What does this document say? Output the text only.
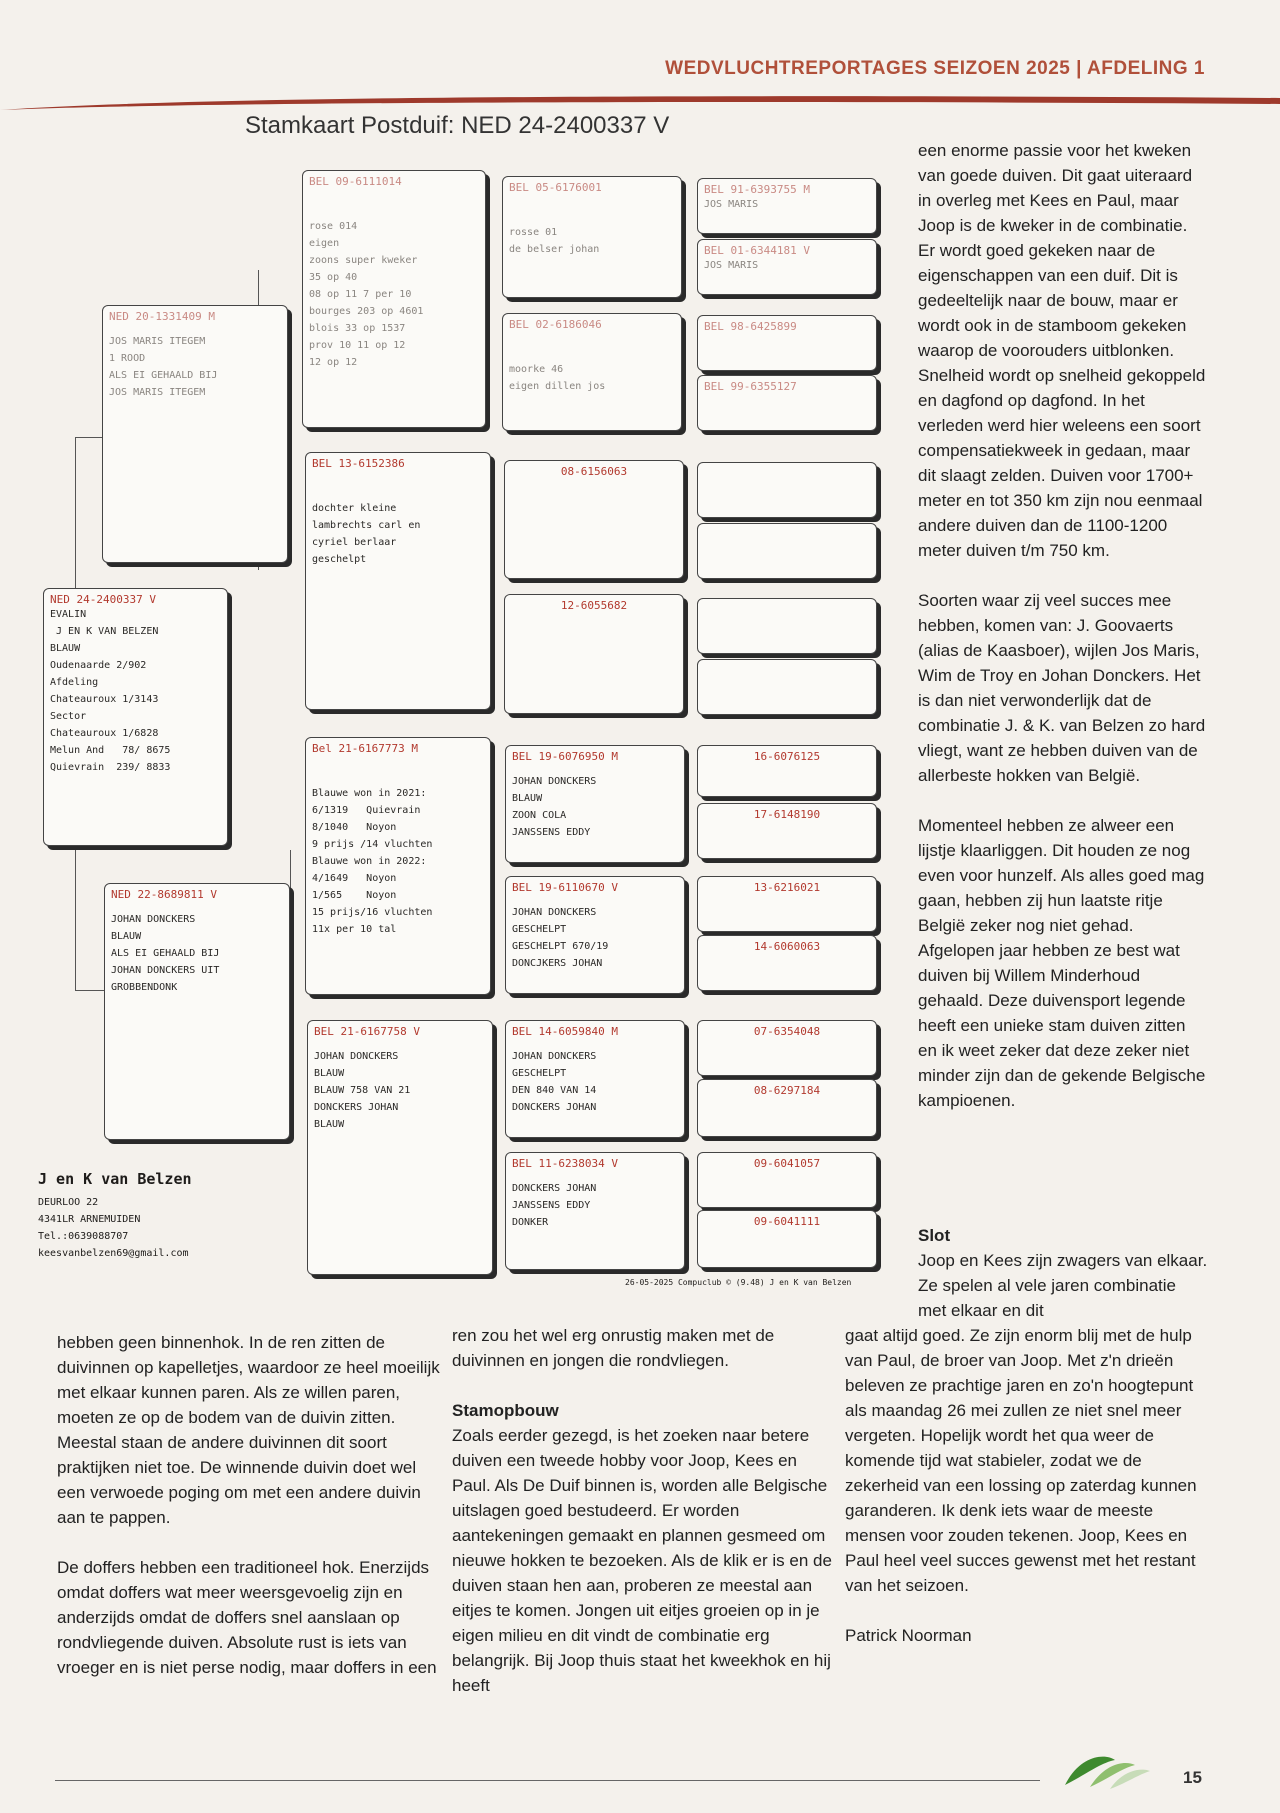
WEDVLUCHTREPORTAGES SEIZOEN 2025 | AFDELING 1
Stamkaart Postduif: NED 24-2400337 V
NED 24-2400337 V
EVALIN
J EN K VAN BELZEN
BLAUW
Oudenaarde 2/902
Afdeling
Chateauroux 1/3143
Sector
Chateauroux 1/6828
Melun And   78/ 8675
Quievrain  239/ 8833
NED 20-1331409 M
JOS MARIS ITEGEM
1 ROOD
ALS EI GEHAALD BIJ
JOS MARIS ITEGEM
NED 22-8689811 V
JOHAN DONCKERS
BLAUW
ALS EI GEHAALD BIJ
JOHAN DONCKERS UIT
GROBBENDONK
BEL 09-6111014
rose 014
eigen
zoons super kweker
35 op 40
08 op 11 7 per 10
bourges 203 op 4601
blois 33 op 1537
prov 10 11 op 12
12 op 12
BEL 13-6152386
dochter kleine
lambrechts carl en
cyriel berlaar
geschelpt
Bel 21-6167773 M
Blauwe won in 2021:
6/1319   Quievrain
8/1040   Noyon
9 prijs /14 vluchten
Blauwe won in 2022:
4/1649   Noyon
1/565    Noyon
15 prijs/16 vluchten
11x per 10 tal
BEL 21-6167758 V
JOHAN DONCKERS
BLAUW
BLAUW 758 VAN 21
DONCKERS JOHAN
BLAUW
BEL 05-6176001
rosse 01
de belser johan
BEL 02-6186046
moorke 46
eigen dillen jos
08-6156063
12-6055682
BEL 19-6076950 M
JOHAN DONCKERS
BLAUW
ZOON COLA
JANSSENS EDDY
BEL 19-6110670 V
JOHAN DONCKERS
GESCHELPT
GESCHELPT 670/19
DONCJKERS JOHAN
BEL 14-6059840 M
JOHAN DONCKERS
GESCHELPT
DEN 840 VAN 14
DONCKERS JOHAN
BEL 11-6238034 V
DONCKERS JOHAN
JANSSENS EDDY
DONKER
BEL 91-6393755 M
JOS MARIS
BEL 01-6344181 V
JOS MARIS
BEL 98-6425899
BEL 99-6355127
16-6076125
17-6148190
13-6216021
14-6060063
07-6354048
08-6297184
09-6041057
09-6041111
J en K van Belzen
DEURLOO 22
4341LR ARNEMUIDEN
Tel.:0639088707
keesvanbelzen69@gmail.com
26-05-2025 Compuclub © (9.48) J en K van Belzen

een enorme passie voor het kweken van goede duiven. Dit gaat uiteraard in overleg met Kees en Paul, maar Joop is de kweker in de combinatie. Er wordt goed gekeken naar de eigenschappen van een duif. Dit is gedeeltelijk naar de bouw, maar er wordt ook in de stamboom gekeken waarop de voorouders uitblonken. Snelheid wordt op snelheid gekoppeld en dagfond op dagfond. In het verleden werd hier weleens een soort compensatiekweek in gedaan, maar dit slaagt zelden. Duiven voor 1700+ meter en tot 350 km zijn nou eenmaal andere duiven dan de 1100-1200 meter duiven t/m 750 km.

Soorten waar zij veel succes mee hebben, komen van: J. Goovaerts (alias de Kaasboer), wijlen Jos Maris, Wim de Troy en Johan Donckers. Het is dan niet verwonderlijk dat de combinatie J. & K. van Belzen zo hard vliegt, want ze hebben duiven van de allerbeste hokken van België.

Momenteel hebben ze alweer een lijstje klaarliggen. Dit houden ze nog even voor hunzelf. Als alles goed mag gaan, hebben zij hun laatste ritje België zeker nog niet gehad. Afgelopen jaar hebben ze best wat duiven bij Willem Minderhoud gehaald. Deze duivensport legende heeft een unieke stam duiven zitten en ik weet zeker dat deze zeker niet minder zijn dan de gekende Belgische kampioenen.

Slot
Joop en Kees zijn zwagers van elkaar. Ze spelen al vele jaren combinatie met elkaar en dit

hebben geen binnenhok. In de ren zitten de duivinnen op kapelletjes, waardoor ze heel moeilijk met elkaar kunnen paren. Als ze willen paren, moeten ze op de bodem van de duivin zitten. Meestal staan de andere duivinnen dit soort praktijken niet toe. De winnende duivin doet wel een verwoede poging om met een andere duivin aan te pappen.

De doffers hebben een traditioneel hok. Enerzijds omdat doffers wat meer weersgevoelig zijn en anderzijds omdat de doffers snel aanslaan op rondvliegende duiven. Absolute rust is iets van vroeger en is niet perse nodig, maar doffers in een

ren zou het wel erg onrustig maken met de duivinnen en jongen die rondvliegen.

Stamopbouw
Zoals eerder gezegd, is het zoeken naar betere duiven een tweede hobby voor Joop, Kees en Paul. Als De Duif binnen is, worden alle Belgische uitslagen goed bestudeerd. Er worden aantekeningen gemaakt en plannen gesmeed om nieuwe hokken te bezoeken. Als de klik er is en de duiven staan hen aan, proberen ze meestal aan eitjes te komen. Jongen uit eitjes groeien op in je eigen milieu en dit vindt de combinatie erg belangrijk. Bij Joop thuis staat het kweekhok en hij heeft

gaat altijd goed. Ze zijn enorm blij met de hulp van Paul, de broer van Joop. Met z'n drieën beleven ze prachtige jaren en zo'n hoogtepunt als maandag 26 mei zullen ze niet snel meer vergeten. Hopelijk wordt het qua weer de komende tijd wat stabieler, zodat we de zekerheid van een lossing op zaterdag kunnen garanderen. Ik denk iets waar de meeste mensen voor zouden tekenen. Joop, Kees en Paul heel veel succes gewenst met het restant van het seizoen.

Patrick Noorman
15
